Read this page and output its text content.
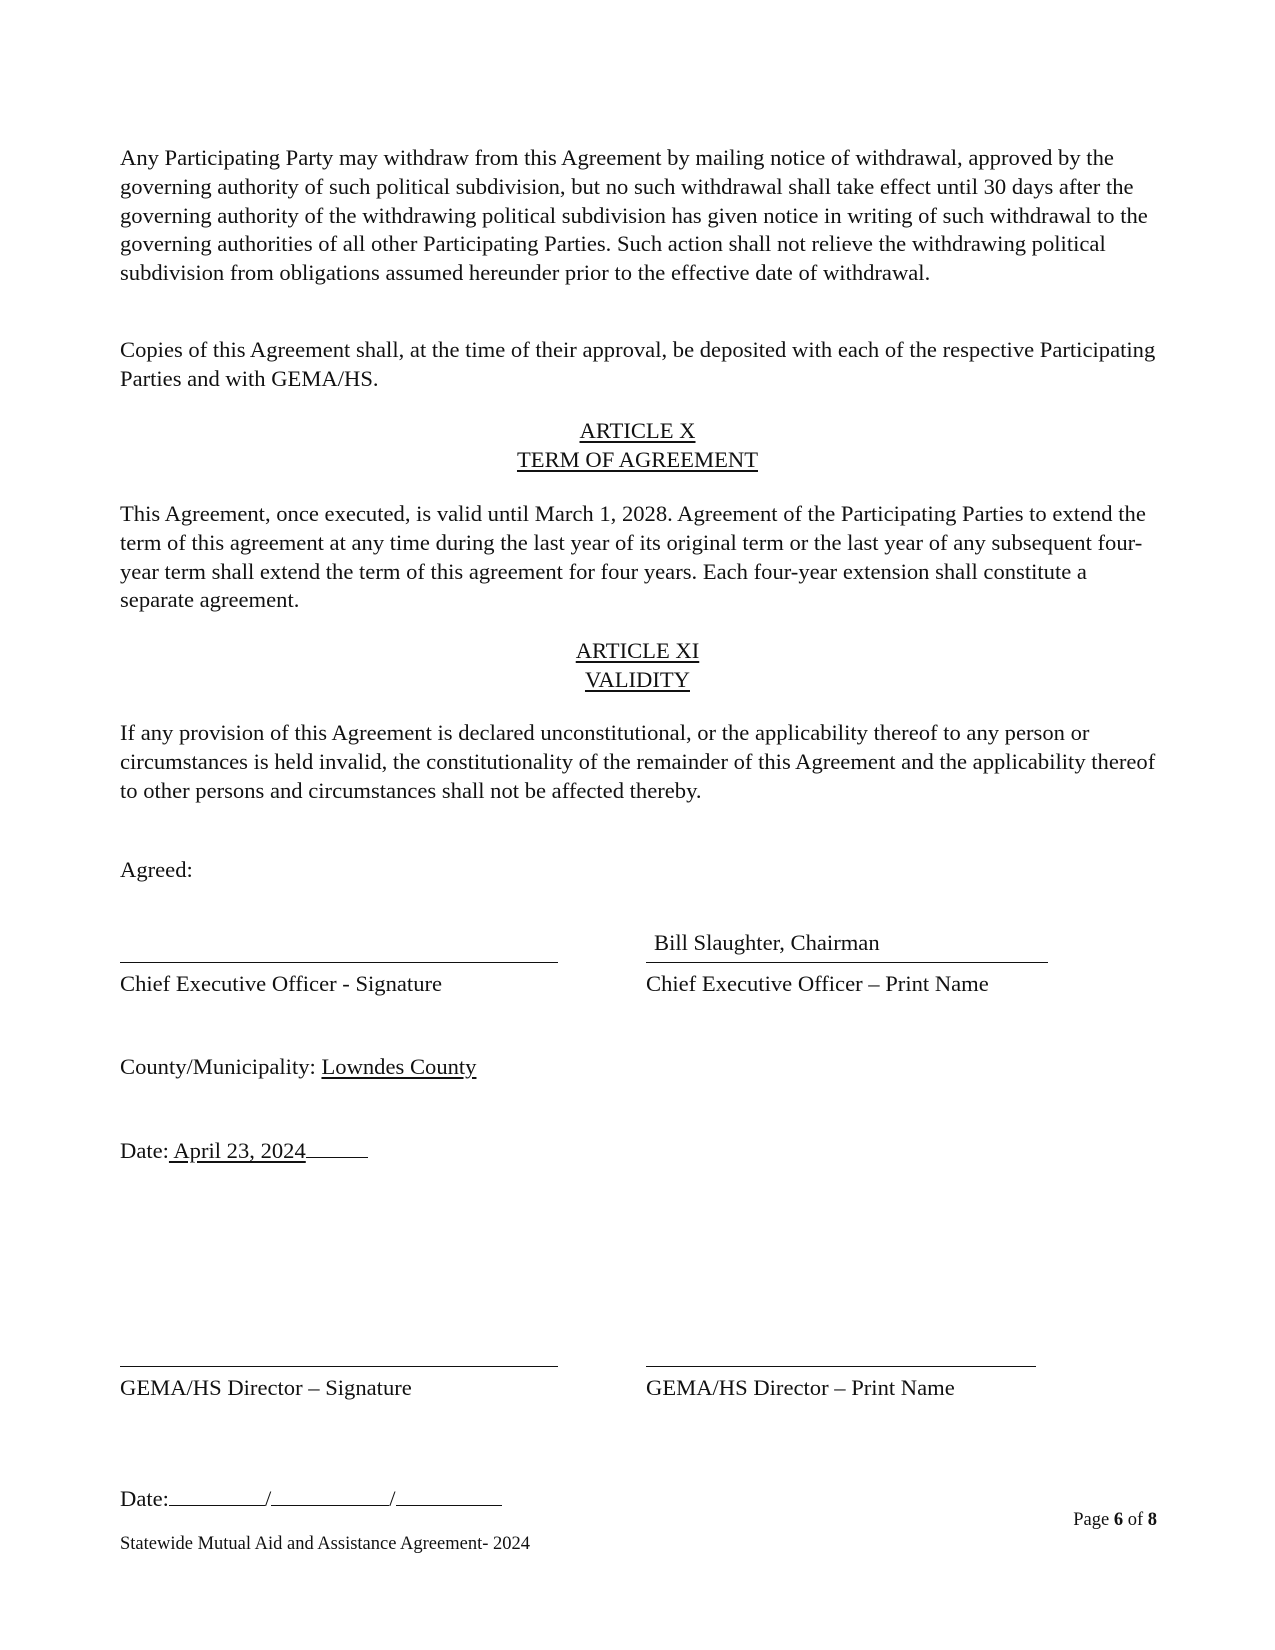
Any Participating Party may withdraw from this Agreement by mailing notice of withdrawal, approved by the governing authority of such political subdivision, but no such withdrawal shall take effect until 30 days after the governing authority of the withdrawing political subdivision has given notice in writing of such withdrawal to the governing authorities of all other Participating Parties. Such action shall not relieve the withdrawing political subdivision from obligations assumed hereunder prior to the effective date of withdrawal.

Copies of this Agreement shall, at the time of their approval, be deposited with each of the respective Participating Parties and with GEMA/HS.

ARTICLE X
TERM OF AGREEMENT

This Agreement, once executed, is valid until March 1, 2028. Agreement of the Participating Parties to extend the term of this agreement at any time during the last year of its original term or the last year of any subsequent four-year term shall extend the term of this agreement for four years. Each four-year extension shall constitute a separate agreement.

ARTICLE XI
VALIDITY

If any provision of this Agreement is declared unconstitutional, or the applicability thereof to any person or circumstances is held invalid, the constitutionality of the remainder of this Agreement and the applicability thereof to other persons and circumstances shall not be affected thereby.

Agreed:
Bill Slaughter, Chairman
Chief Executive Officer - Signature	Chief Executive Officer – Print Name
County/Municipality: Lowndes County
Date: April 23, 2024
GEMA/HS Director – Signature	GEMA/HS Director – Print Name
Date:	/	/
Page 6 of 8
Statewide Mutual Aid and Assistance Agreement- 2024
